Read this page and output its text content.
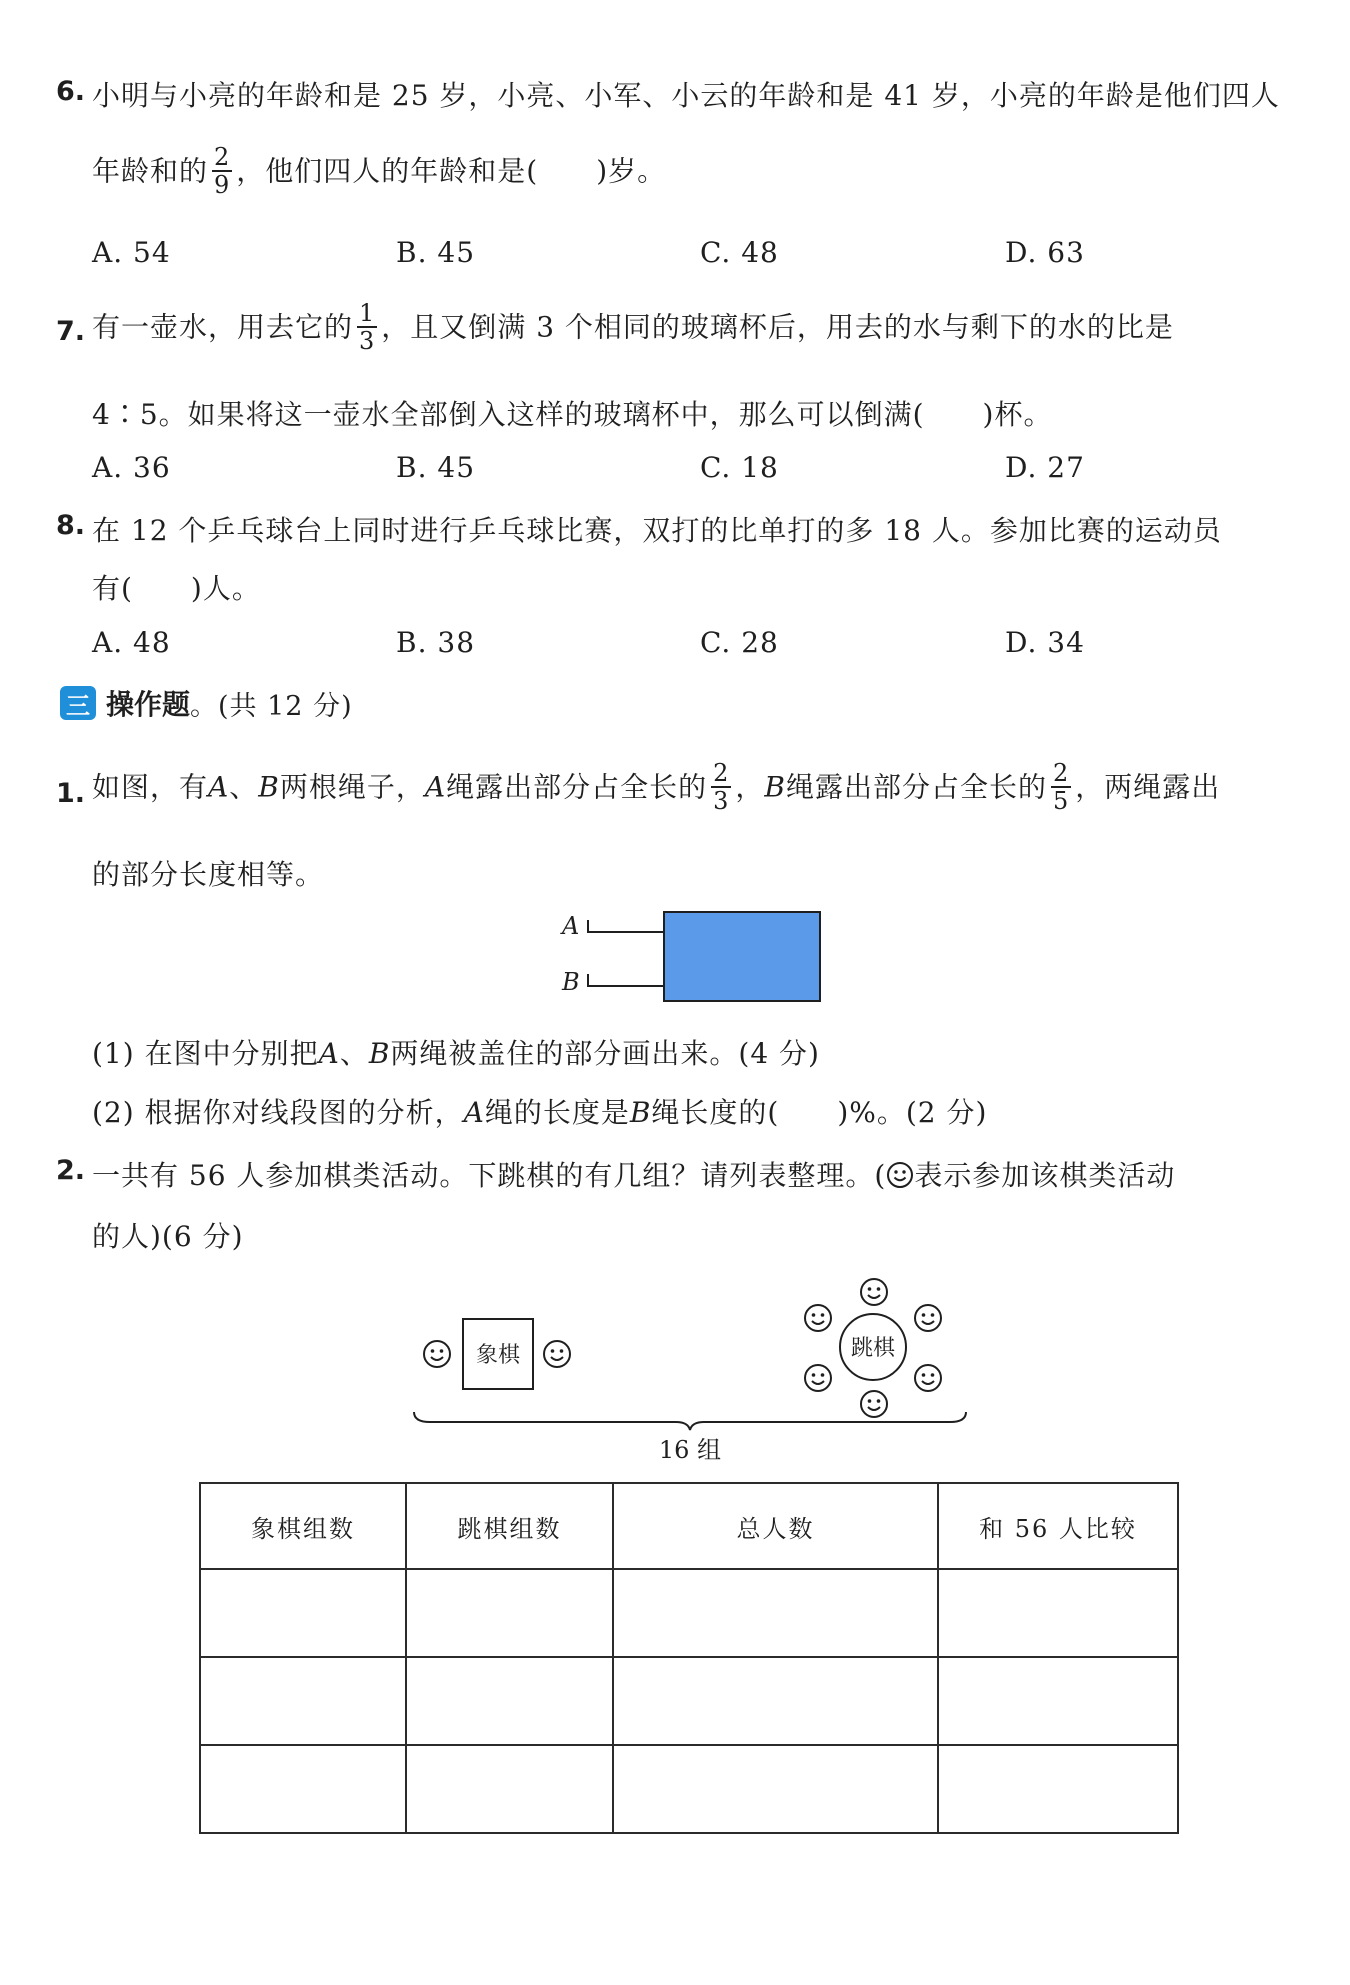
6. 小明与小亮的年龄和是 25 岁，小亮、小军、小云的年龄和是 41 岁，小亮的年龄是他们四人
年龄和的 $\frac{2}{9}$ ，他们四人的年龄和是(　　)岁。
A. 54	B. 45	C. 48	D. 63
7. 有一壶水，用去它的 $\frac{1}{3}$ ，且又倒满 3 个相同的玻璃杯后，用去的水与剩下的水的比是
4∶5。如果将这一壶水全部倒入这样的玻璃杯中，那么可以倒满(　　)杯。
A. 36	B. 45	C. 18	D. 27
8. 在 12 个乒乓球台上同时进行乒乓球比赛，双打的比单打的多 18 人。参加比赛的运动员
有(　　)人。
A. 48	B. 38	C. 28	D. 34
三 操作题 。(共 12 分)
1. 如图，有A、B两根绳子，A绳露出部分占全长的 $\frac{2}{3}$ ，B绳露出部分占全长的 $\frac{2}{5}$ ，两绳露出
的部分长度相等。
A
B
象棋	跳棋
16 组
(1) 在图中分别把A、B两绳被盖住的部分画出来。(4 分)
(2) 根据你对线段图的分析，A绳的长度是B绳长度的(　　)%。(2 分)
2. 一共有 56 人参加棋类活动。下跳棋的有几组？请列表整理。( 表示参加该棋类活动
的人)(6 分)
象棋组数	跳棋组数	总人数	和 56 人比较
